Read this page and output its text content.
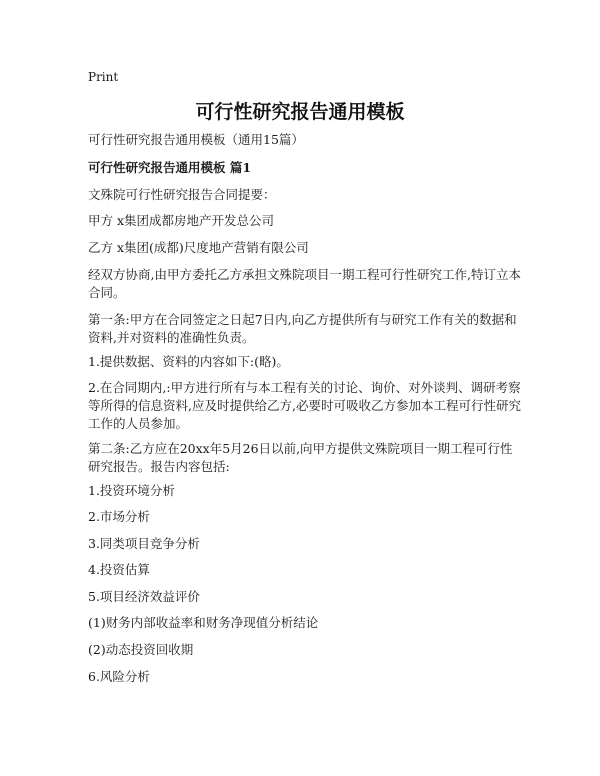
Print
可行性研究报告通用模板

可行性研究报告通用模板（通用15篇）

可行性研究报告通用模板 篇1

文殊院可行性研究报告合同提要：

甲方 x集团成都房地产开发总公司

乙方 x集团(成都)尺度地产营销有限公司

经双方协商,由甲方委托乙方承担文殊院项目一期工程可行性研究工作,特订立本合同。

第一条:甲方在合同签定之日起7日内,向乙方提供所有与研究工作有关的数据和资料,并对资料的准确性负责。

1.提供数据、资料的内容如下:(略)。

2.在合同期内,:甲方进行所有与本工程有关的讨论、询价、对外谈判、调研考察等所得的信息资料,应及时提供给乙方,必要时可吸收乙方参加本工程可行性研究工作的人员参加。

第二条:乙方应在20xx年5月26日以前,向甲方提供文殊院项目一期工程可行性研究报告。报告内容包括:

1.投资环境分析

2.市场分析

3.同类项目竞争分析

4.投资估算

5.项目经济效益评价

(1)财务内部收益率和财务净现值分析结论

(2)动态投资回收期

6.风险分析
